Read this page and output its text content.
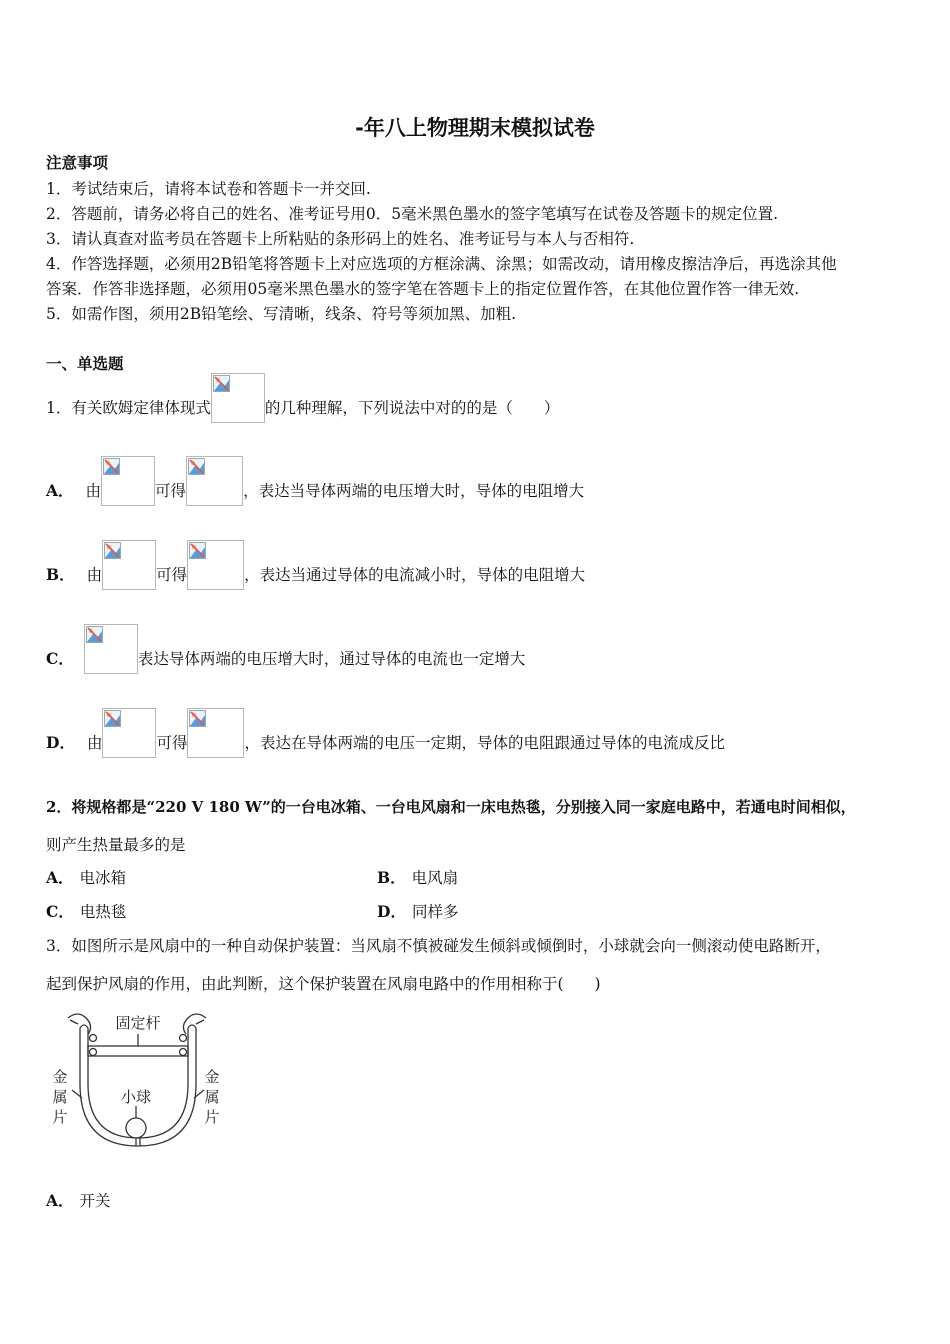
-年八上物理期末模拟试卷
注意事项
1．考试结束后，请将本试卷和答题卡一并交回.
2．答题前，请务必将自己的姓名、准考证号用0．5毫米黑色墨水的签字笔填写在试卷及答题卡的规定位置.
3．请认真查对监考员在答题卡上所粘贴的条形码上的姓名、准考证号与本人与否相符.
4．作答选择题，必须用2B铅笔将答题卡上对应选项的方框涂满、涂黑；如需改动，请用橡皮擦洁净后，再选涂其他
答案．作答非选择题，必须用05毫米黑色墨水的签字笔在答题卡上的指定位置作答，在其他位置作答一律无效.
5．如需作图，须用2B铅笔绘、写清晰，线条、符号等须加黑、加粗.
一、单选题
1．有关欧姆定律体现式	的几种理解，下列说法中对的的是（　　）
A． 由	可得	，表达当导体两端的电压增大时，导体的电阻增大
B． 由	可得	，表达当通过导体的电流减小时，导体的电阻增大
C．	表达导体两端的电压增大时，通过导体的电流也一定增大
D． 由	可得	，表达在导体两端的电压一定期，导体的电阻跟通过导体的电流成反比
2．将规格都是“220 V 180 W”的一台电冰箱、一台电风扇和一床电热毯，分别接入同一家庭电路中，若通电时间相似，
则产生热量最多的是
A． 电冰箱	B． 电风扇
C． 电热毯	D． 同样多
3．如图所示是风扇中的一种自动保护装置：当风扇不慎被碰发生倾斜或倾倒时，小球就会向一侧滚动使电路断开，
起到保护风扇的作用，由此判断，这个保护装置在风扇电路中的作用相称于(　　)
固定杆
小球
金
属
片
金
属
片
A． 开关
